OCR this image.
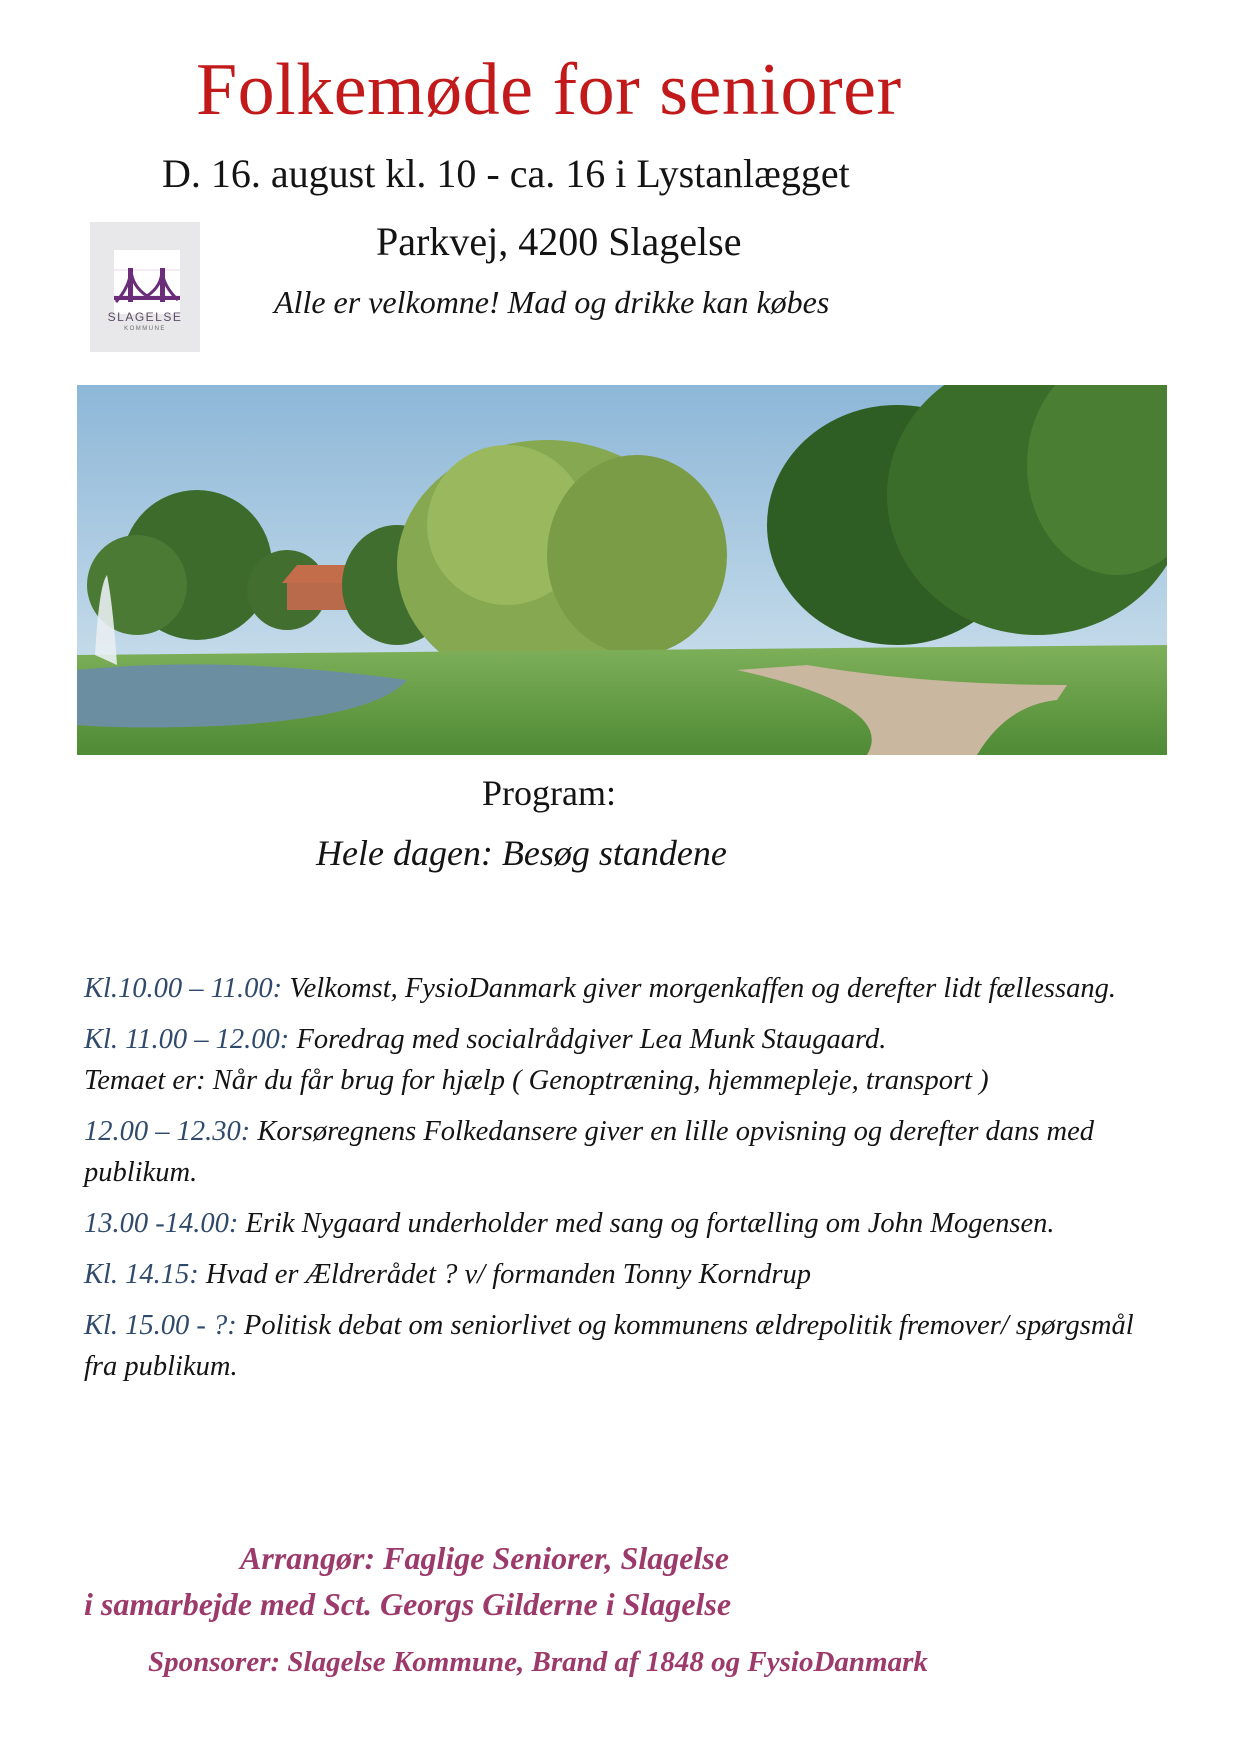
Folkemøde for seniorer
D. 16. august kl. 10 - ca. 16 i Lystanlægget
SLAGELSE
KOMMUNE
Parkvej, 4200 Slagelse
Alle er velkomne! Mad og drikke kan købes
Program:
Hele dagen: Besøg standene
Kl.10.00 – 11.00: Velkomst, FysioDanmark giver morgenkaffen og derefter lidt fællessang.
Kl. 11.00 – 12.00: Foredrag med socialrådgiver Lea Munk Staugaard.
Temaet er: Når du får brug for hjælp ( Genoptræning, hjemmepleje, transport )
12.00 – 12.30: Korsøregnens Folkedansere giver en lille opvisning og derefter dans med publikum.
13.00 -14.00: Erik Nygaard underholder med sang og fortælling om John Mogensen.
Kl. 14.15: Hvad er Ældrerådet ? v/ formanden Tonny Korndrup
Kl. 15.00 - ?: Politisk debat om seniorlivet og kommunens ældrepolitik fremover/ spørgsmål fra publikum.
Arrangør: Faglige Seniorer, Slagelse
i samarbejde med Sct. Georgs Gilderne i Slagelse
Sponsorer: Slagelse Kommune, Brand af 1848 og FysioDanmark
